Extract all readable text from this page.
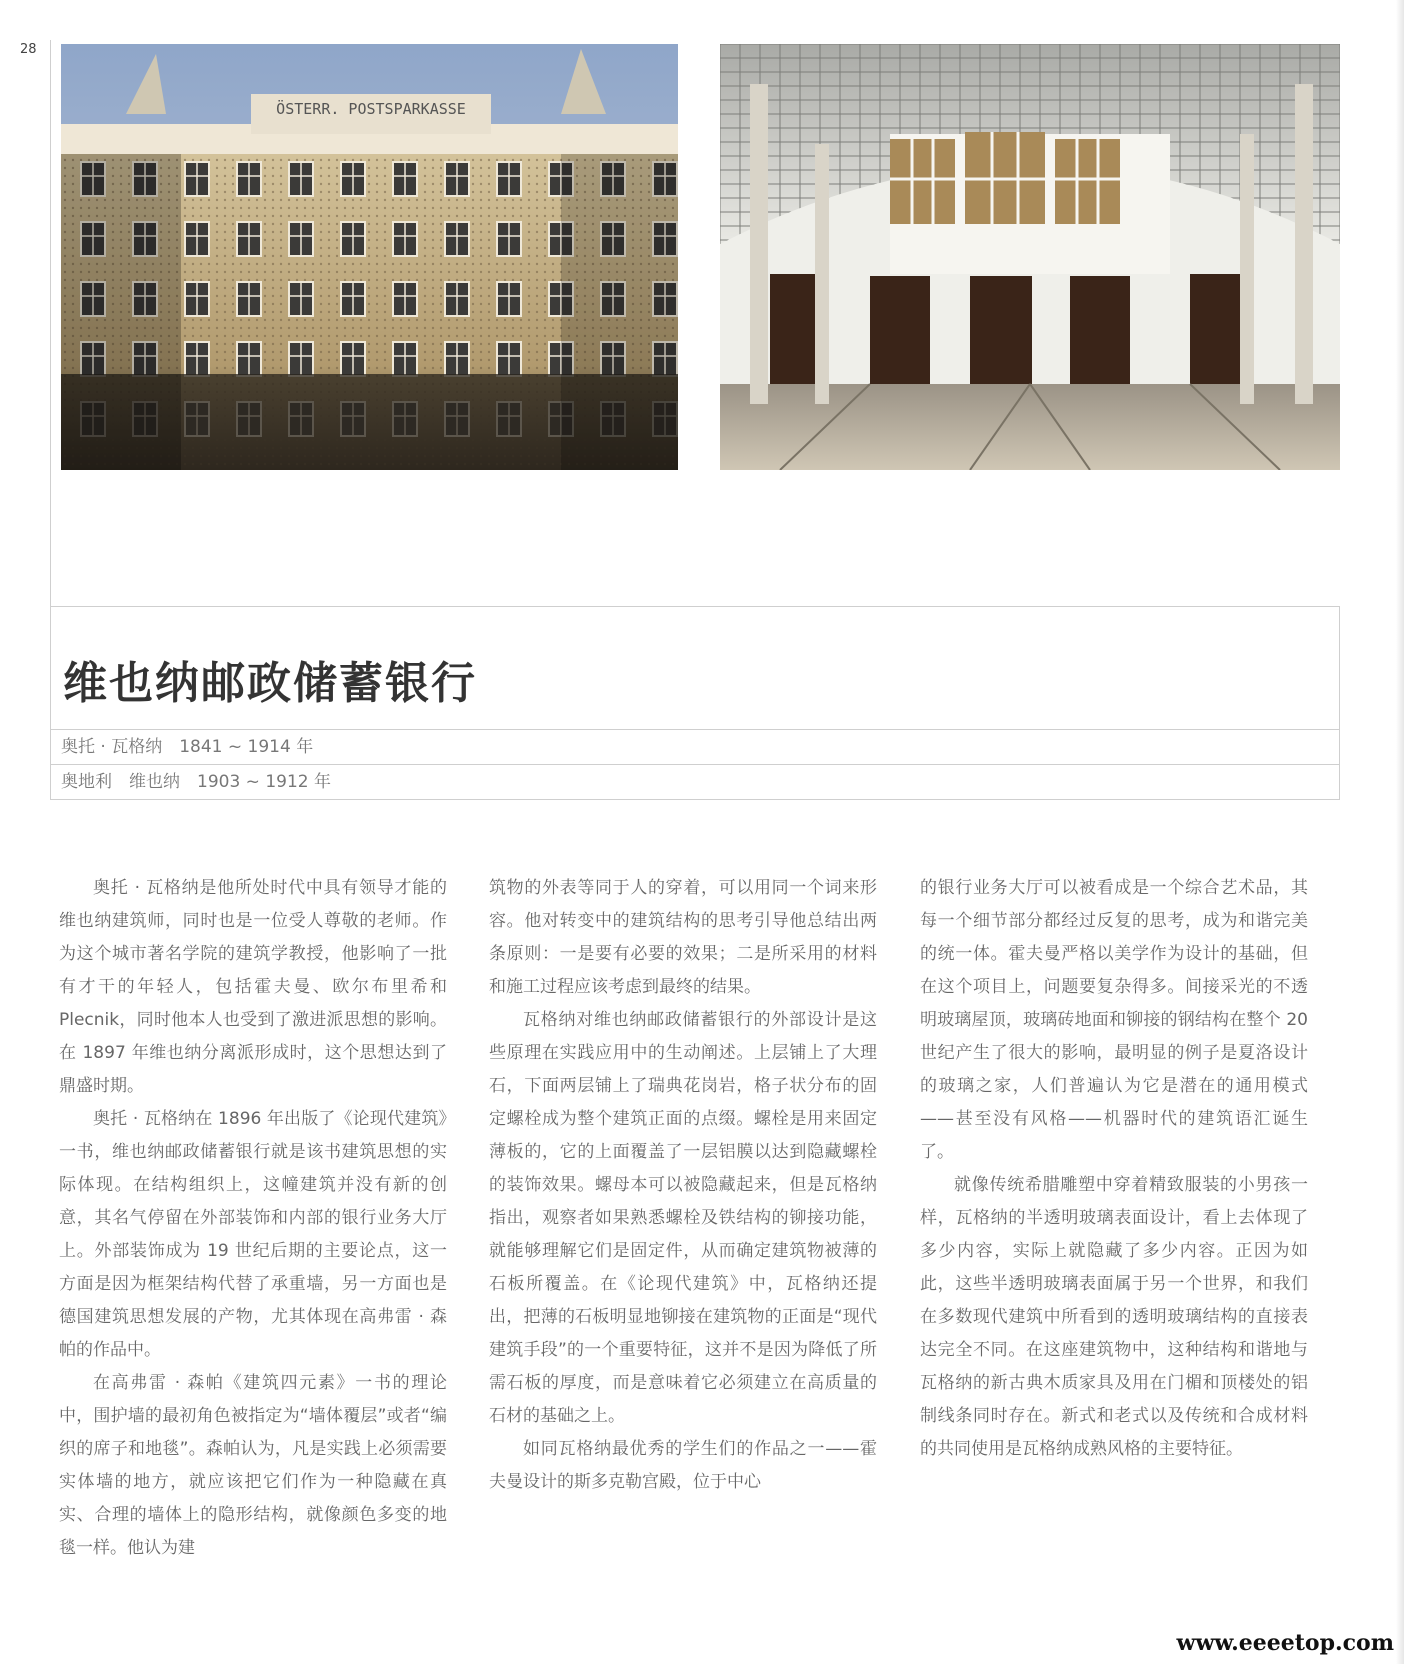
28
ÖSTERR. POSTSPARKASSE
维也纳邮政储蓄银行
奥托 · 瓦格纳　1841 ~ 1914 年
奥地利　维也纳　1903 ~ 1912 年

奥托 · 瓦格纳是他所处时代中具有领导才能的维也纳建筑师，同时也是一位受人尊敬的老师。作为这个城市著名学院的建筑学教授，他影响了一批有才干的年轻人，包括霍夫曼、欧尔布里希和 Plecnik，同时他本人也受到了激进派思想的影响。在 1897 年维也纳分离派形成时，这个思想达到了鼎盛时期。

奥托 · 瓦格纳在 1896 年出版了《论现代建筑》一书，维也纳邮政储蓄银行就是该书建筑思想的实际体现。在结构组织上，这幢建筑并没有新的创意，其名气停留在外部装饰和内部的银行业务大厅上。外部装饰成为 19 世纪后期的主要论点，这一方面是因为框架结构代替了承重墙，另一方面也是德国建筑思想发展的产物，尤其体现在高弗雷 · 森帕的作品中。

在高弗雷 · 森帕《建筑四元素》一书的理论中，围护墙的最初角色被指定为“墙体覆层”或者“编织的席子和地毯”。森帕认为，凡是实践上必须需要实体墙的地方，就应该把它们作为一种隐藏在真实、合理的墙体上的隐形结构，就像颜色多变的地毯一样。他认为建

筑物的外表等同于人的穿着，可以用同一个词来形容。他对转变中的建筑结构的思考引导他总结出两条原则：一是要有必要的效果；二是所采用的材料和施工过程应该考虑到最终的结果。

瓦格纳对维也纳邮政储蓄银行的外部设计是这些原理在实践应用中的生动阐述。上层铺上了大理石，下面两层铺上了瑞典花岗岩，格子状分布的固定螺栓成为整个建筑正面的点缀。螺栓是用来固定薄板的，它的上面覆盖了一层铝膜以达到隐藏螺栓的装饰效果。螺母本可以被隐藏起来，但是瓦格纳指出，观察者如果熟悉螺栓及铁结构的铆接功能，就能够理解它们是固定件，从而确定建筑物被薄的石板所覆盖。在《论现代建筑》中，瓦格纳还提出，把薄的石板明显地铆接在建筑物的正面是“现代建筑手段”的一个重要特征，这并不是因为降低了所需石板的厚度，而是意味着它必须建立在高质量的石材的基础之上。

如同瓦格纳最优秀的学生们的作品之一——霍夫曼设计的斯多克勒宫殿，位于中心

的银行业务大厅可以被看成是一个综合艺术品，其每一个细节部分都经过反复的思考，成为和谐完美的统一体。霍夫曼严格以美学作为设计的基础，但在这个项目上，问题要复杂得多。间接采光的不透明玻璃屋顶，玻璃砖地面和铆接的钢结构在整个 20 世纪产生了很大的影响，最明显的例子是夏洛设计的玻璃之家，人们普遍认为它是潜在的通用模式——甚至没有风格——机器时代的建筑语汇诞生了。

就像传统希腊雕塑中穿着精致服装的小男孩一样，瓦格纳的半透明玻璃表面设计，看上去体现了多少内容，实际上就隐藏了多少内容。正因为如此，这些半透明玻璃表面属于另一个世界，和我们在多数现代建筑中所看到的透明玻璃结构的直接表达完全不同。在这座建筑物中，这种结构和谐地与瓦格纳的新古典木质家具及用在门楣和顶楼处的铝制线条同时存在。新式和老式以及传统和合成材料的共同使用是瓦格纳成熟风格的主要特征。

www.eeeetop.com
